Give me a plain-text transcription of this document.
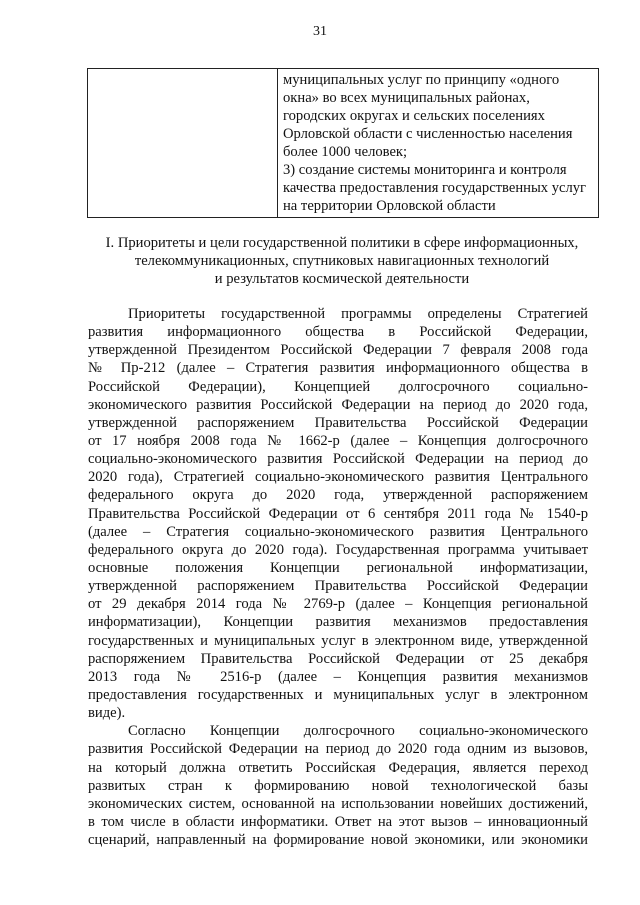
31
муниципальных услуг по принципу «одного
окна» во всех муниципальных районах,
городских округах и сельских поселениях
Орловской области с численностью населения
более 1000 человек;
3) создание системы мониторинга и контроля
качества предоставления государственных услуг
на территории Орловской области
I. Приоритеты и цели государственной политики в сфере информационных,
телекоммуникационных, спутниковых навигационных технологий
и результатов космической деятельности
Приоритеты государственной программы определены Стратегией
развития информационного общества в Российской Федерации,
утвержденной Президентом Российской Федерации 7 февраля 2008 года
№ Пр-212 (далее – Стратегия развития информационного общества в
Российской Федерации), Концепцией долгосрочного социально-
экономического развития Российской Федерации на период до 2020 года,
утвержденной распоряжением Правительства Российской Федерации
от 17 ноября 2008 года № 1662-р (далее – Концепция долгосрочного
социально-экономического развития Российской Федерации на период до
2020 года), Стратегией социально-экономического развития Центрального
федерального округа до 2020 года, утвержденной распоряжением
Правительства Российской Федерации от 6 сентября 2011 года № 1540-р
(далее – Стратегия социально-экономического развития Центрального
федерального округа до 2020 года). Государственная программа учитывает
основные положения Концепции региональной информатизации,
утвержденной распоряжением Правительства Российской Федерации
от 29 декабря 2014 года № 2769-р (далее – Концепция региональной
информатизации), Концепции развития механизмов предоставления
государственных и муниципальных услуг в электронном виде, утвержденной
распоряжением Правительства Российской Федерации от 25 декабря
2013 года № 2516-р (далее – Концепция развития механизмов
предоставления государственных и муниципальных услуг в электронном
виде).
Согласно Концепции долгосрочного социально-экономического
развития Российской Федерации на период до 2020 года одним из вызовов,
на который должна ответить Российская Федерация, является переход
развитых стран к формированию новой технологической базы
экономических систем, основанной на использовании новейших достижений,
в том числе в области информатики. Ответ на этот вызов – инновационный
сценарий, направленный на формирование новой экономики, или экономики
